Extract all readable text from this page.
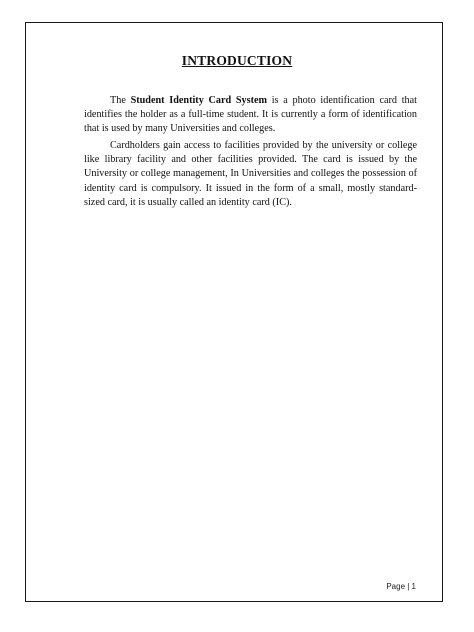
INTRODUCTION

The Student Identity Card System is a photo identification card that identifies the holder as a full-time student. It is currently a form of identification that is used by many Universities and colleges.

Cardholders gain access to facilities provided by the university or college like library facility and other facilities provided. The card is issued by the University or college management, In Universities and colleges the possession of identity card is compulsory. It issued in the form of a small, mostly standard-sized card, it is usually called an identity card (IC).

Page | 1
